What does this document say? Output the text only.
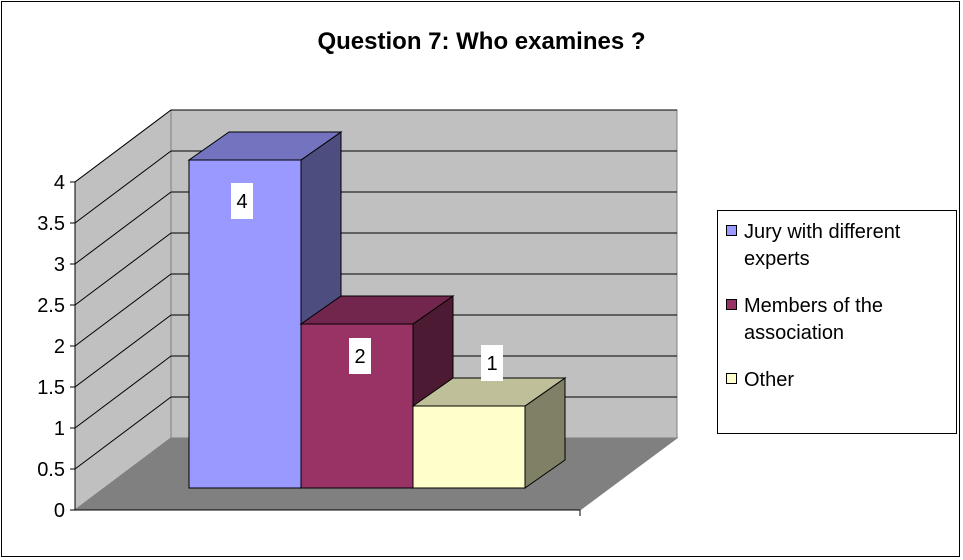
Question 7: Who examines ?
0
0.5
1
1.5
2
2.5
3
3.5
4
4
2	1
Jury with different experts
Members of the association
Other
